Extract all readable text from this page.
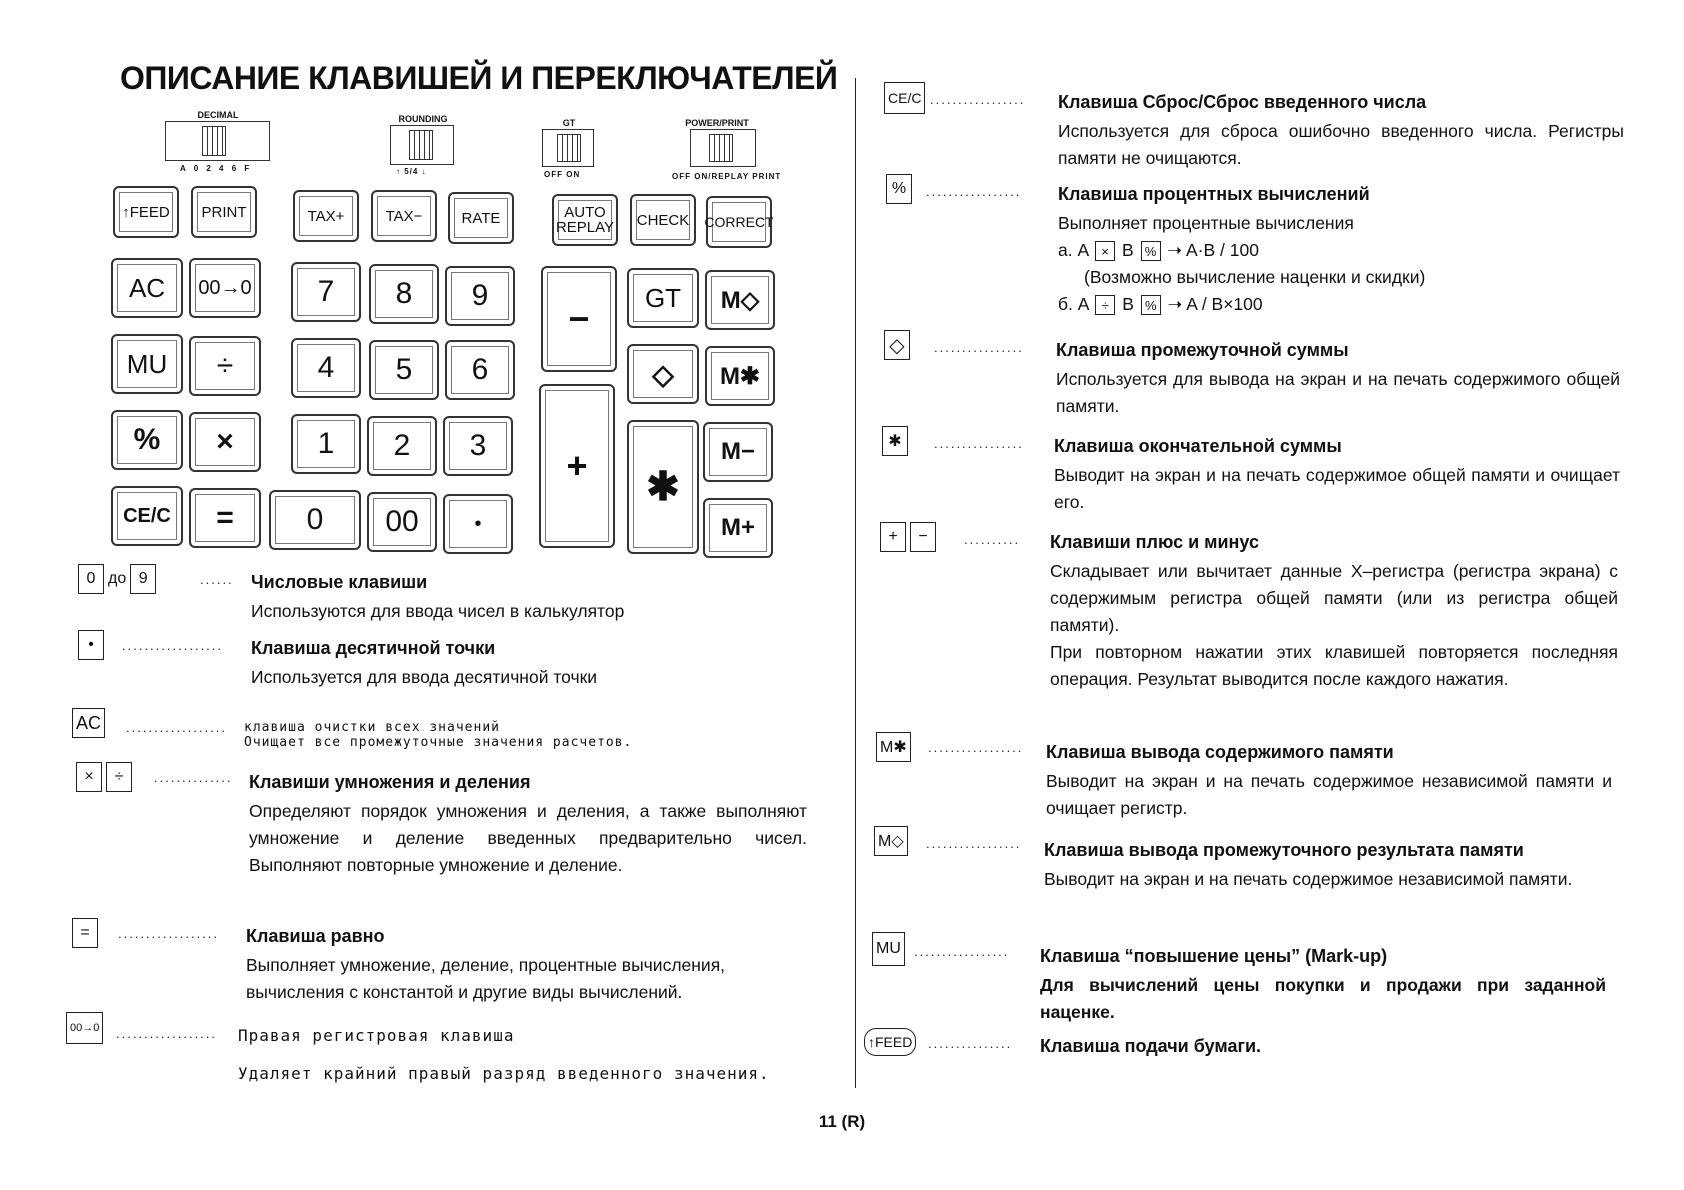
ОПИСАНИЕ КЛАВИШЕЙ И ПЕРЕКЛЮЧАТЕЛЕЙ
DECIMAL
A 0 2 4 6 F
ROUNDING
↑ 5/4 ↓
GT
OFF ON
POWER/PRINT
OFF ON/REPLAY PRINT
↑FEED	PRINT	TAX+	TAX−	RATE	AUTO
REPLAY	CHECK	CORRECT
AC	00→0	7	8	9
−
GT	M◇
MU	÷	4	5	6	◇	M✱
%	×	1	2	3	+	✱
M−
CE/C	=	0	00	•	M+
0 до 9	...... Числовые клавиши
Используются для ввода чисел в калькулятор
•	..................	Клавиша десятичной точки
Используется для ввода десятичной точки
AC	..................	клавиша очистки всех значений
Очищает все промежуточные значения расчетов.
×	÷	.............. Клавиши умножения и деления
Определяют порядок умножения и деления, а также выполняют умножение и деление введенных предварительно чисел. Выполняют повторные умножение и деление.
=	..................	Клавиша равно
Выполняет умножение, деление, процентные вычисления, вычисления с константой и другие виды вычислений.
00→0	..................	Правая регистровая клавиша
Удаляет крайний правый разряд введенного значения.
CE/C .................	Клавиша Сброс/Сброс введенного числа
Используется для сброса ошибочно введенного числа. Регистры памяти не очищаются.
%	.................	Клавиша процентных вычислений
Выполняет процентные вычисления
а. A × B % ➝ A·B / 100
(Возможно вычисление наценки и скидки)
б. A ÷ B % ➝ A / B×100
◇	................	Клавиша промежуточной суммы
Используется для вывода на экран и на печать содержимого общей памяти.
✱	................	Клавиша окончательной суммы
Выводит на экран и на печать содержимое общей памяти и очищает его.
+	−	..........	Клавиши плюс и минус
Складывает или вычитает данные X–регистра (регистра экрана) с содержимым регистра общей памяти (или из регистра общей памяти).
При повторном нажатии этих клавишей повторяется последняя операция. Результат выводится после каждого нажатия.
M✱	.................	Клавиша вывода содержимого памяти
Выводит на экран и на печать содержимое независимой памяти и очищает регистр.
M◇	.................	Клавиша вывода промежуточного результата памяти
Выводит на экран и на печать содержимое независимой памяти.
MU	.................	Клавиша “повышение цены” (Mark-up)
Для вычислений цены покупки и продажи при заданной наценке.
↑FEED	...............	Клавиша подачи бумаги.
11 (R)
